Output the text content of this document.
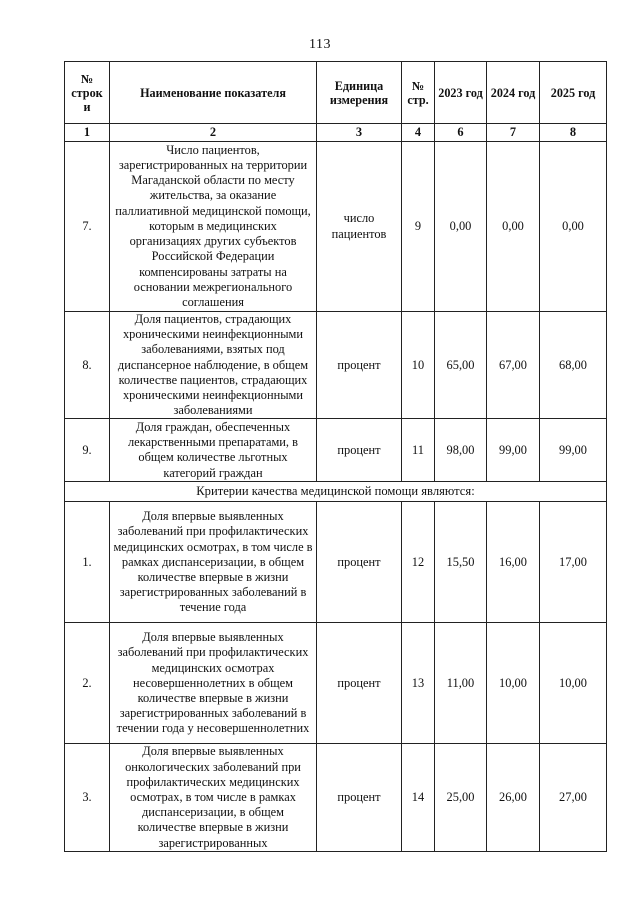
113
№ строк и	Наименование показателя	Единица измерения	№ стр.	2023 год	2024 год	2025 год
1	2	3	4	6	7	8
7.	Число пациентов, зарегистрированных на территории Магаданской области по месту жительства, за оказание паллиативной медицинской помощи, которым в медицинских организациях других субъектов Российской Федерации компенсированы затраты на основании межрегионального соглашения	число пациентов	9	0,00	0,00	0,00
8.	Доля пациентов, страдающих хроническими неинфекционными заболеваниями, взятых под диспансерное наблюдение, в общем количестве пациентов, страдающих хроническими неинфекционными заболеваниями	процент	10	65,00	67,00	68,00
9.	Доля граждан, обеспеченных лекарственными препаратами, в общем количестве льготных категорий граждан	процент	11	98,00	99,00	99,00
Критерии качества медицинской помощи являются:						
1.	Доля впервые выявленных заболеваний при профилактических медицинских осмотрах, в том числе в рамках диспансеризации, в общем количестве впервые в жизни зарегистрированных заболеваний в течение года	процент	12	15,50	16,00	17,00
2.	Доля впервые выявленных заболеваний при профилактических медицинских осмотрах несовершеннолетних в общем количестве впервые в жизни зарегистрированных заболеваний в течении года у несовершеннолетних	процент	13	11,00	10,00	10,00
3.	Доля впервые выявленных онкологических заболеваний при профилактических медицинских осмотрах, в том числе в рамках диспансеризации, в общем количестве впервые в жизни зарегистрированных	процент	14	25,00	26,00	27,00
